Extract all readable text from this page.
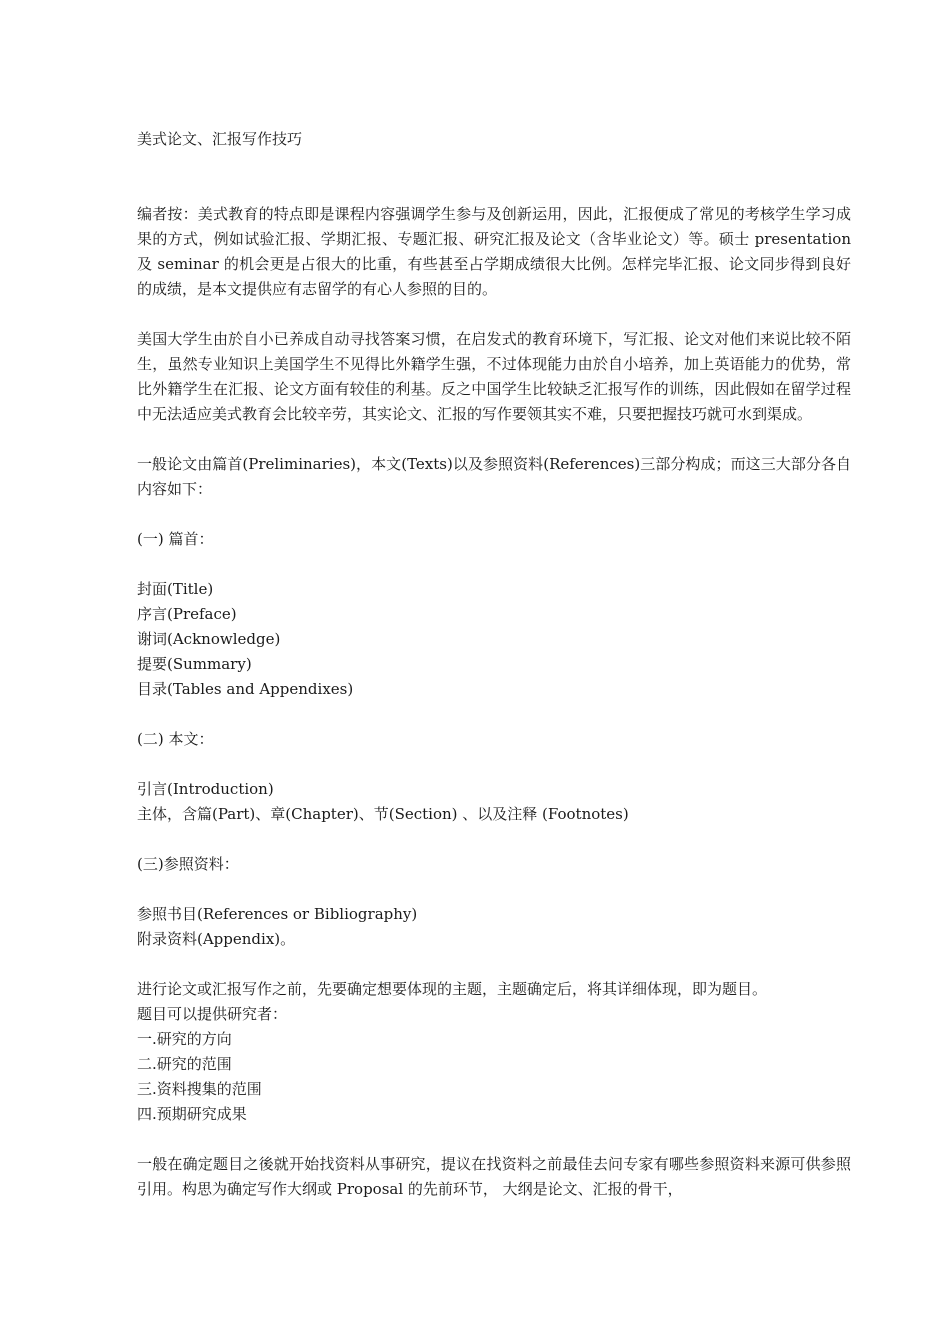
美式论文、汇报写作技巧

编者按：美式教育的特点即是课程内容强调学生参与及创新运用，因此，汇报便成了常见的考核学生学习成果的方式，例如试验汇报、学期汇报、专题汇报、研究汇报及论文（含毕业论文）等。硕士 presentation 及 seminar 的机会更是占很大的比重，有些甚至占学期成绩很大比例。怎样完毕汇报、论文同步得到良好的成绩，是本文提供应有志留学的有心人参照的目的。

美国大学生由於自小已养成自动寻找答案习惯，在启发式的教育环境下，写汇报、论文对他们来说比较不陌生，虽然专业知识上美国学生不见得比外籍学生强，不过体现能力由於自小培养，加上英语能力的优势，常比外籍学生在汇报、论文方面有较佳的利基。反之中国学生比较缺乏汇报写作的训练，因此假如在留学过程中无法适应美式教育会比较辛劳，其实论文、汇报的写作要领其实不难，只要把握技巧就可水到渠成。

一般论文由篇首(Preliminaries)，本文(Texts)以及参照资料(References)三部分构成；而这三大部分各自内容如下：

(一) 篇首：

封面(Title)
序言(Preface)
谢词(Acknowledge)
提要(Summary)
目录(Tables and Appendixes)

(二) 本文：

引言(Introduction)
主体，含篇(Part)、章(Chapter)、节(Section) 、以及注释 (Footnotes)

(三)参照资料：

参照书目(References or Bibliography)
附录资料(Appendix)。
进行论文或汇报写作之前，先要确定想要体现的主题，主题确定后，将其详细体现，即为题目。
题目可以提供研究者：
一.研究的方向
二.研究的范围
三.资料搜集的范围
四.预期研究成果

一般在确定题目之後就开始找资料从事研究，提议在找资料之前最佳去问专家有哪些参照资料来源可供参照引用。构思为确定写作大纲或 Proposal 的先前环节， 大纲是论文、汇报的骨干，
